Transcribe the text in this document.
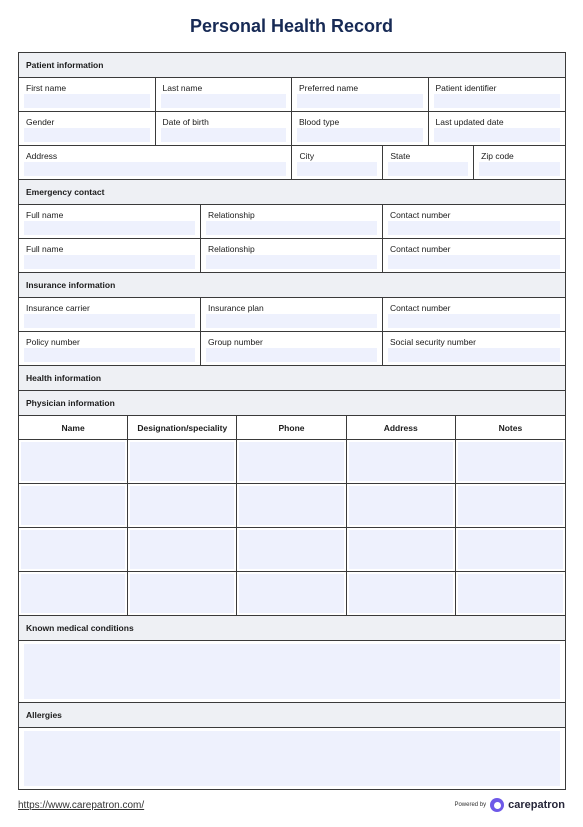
Personal Health Record
Patient information
First name	Last name	Preferred name	Patient identifier
Gender	Date of birth	Blood type	Last updated date
Address	City	State	Zip code
Emergency contact
Full name	Relationship	Contact number
Full name	Relationship	Contact number
Insurance information
Insurance carrier	Insurance plan	Contact number
Policy number	Group number	Social security number
Health information
Physician information
Name	Designation/speciality	Phone	Address	Notes
Known medical conditions
Allergies
https://www.carepatron.com/	Powered by carepatron
